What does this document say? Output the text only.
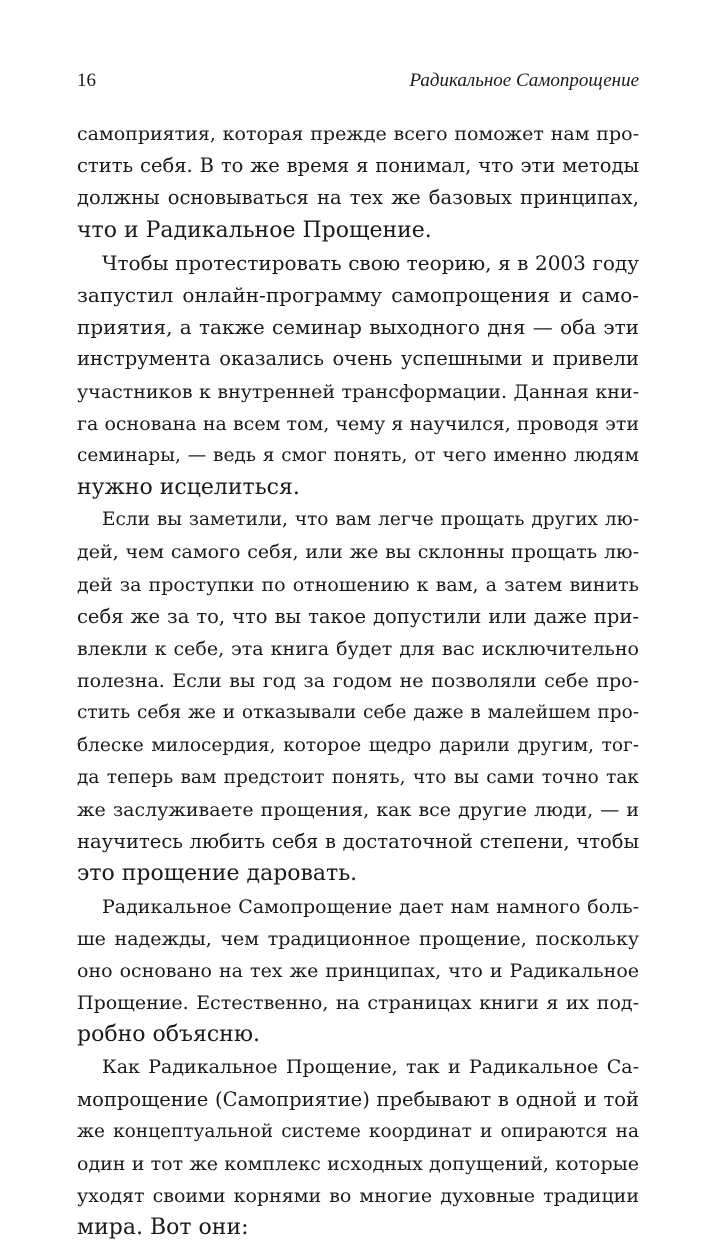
16	Радикальное Самопрощение
самоприятия, которая прежде всего поможет нам про-
стить себя. В то же время я понимал, что эти методы
должны основываться на тех же базовых принципах,
что и Радикальное Прощение.
Чтобы протестировать свою теорию, я в 2003 году
запустил онлайн-программу самопрощения и само-
приятия, а также семинар выходного дня — оба эти
инструмента оказались очень успешными и привели
участников к внутренней трансформации. Данная кни-
га основана на всем том, чему я научился, проводя эти
семинары, — ведь я смог понять, от чего именно людям
нужно исцелиться.
Если вы заметили, что вам легче прощать других лю-
дей, чем самого себя, или же вы склонны прощать лю-
дей за проступки по отношению к вам, а затем винить
себя же за то, что вы такое допустили или даже при-
влекли к себе, эта книга будет для вас исключительно
полезна. Если вы год за годом не позволяли себе про-
стить себя же и отказывали себе даже в малейшем про-
блеске милосердия, которое щедро дарили другим, тог-
да теперь вам предстоит понять, что вы сами точно так
же заслуживаете прощения, как все другие люди, — и
научитесь любить себя в достаточной степени, чтобы
это прощение даровать.
Радикальное Самопрощение дает нам намного боль-
ше надежды, чем традиционное прощение, поскольку
оно основано на тех же принципах, что и Радикальное
Прощение. Естественно, на страницах книги я их под-
робно объясню.
Как Радикальное Прощение, так и Радикальное Са-
мопрощение (Самоприятие) пребывают в одной и той
же концептуальной системе координат и опираются на
один и тот же комплекс исходных допущений, которые
уходят своими корнями во многие духовные традиции
мира. Вот они:
